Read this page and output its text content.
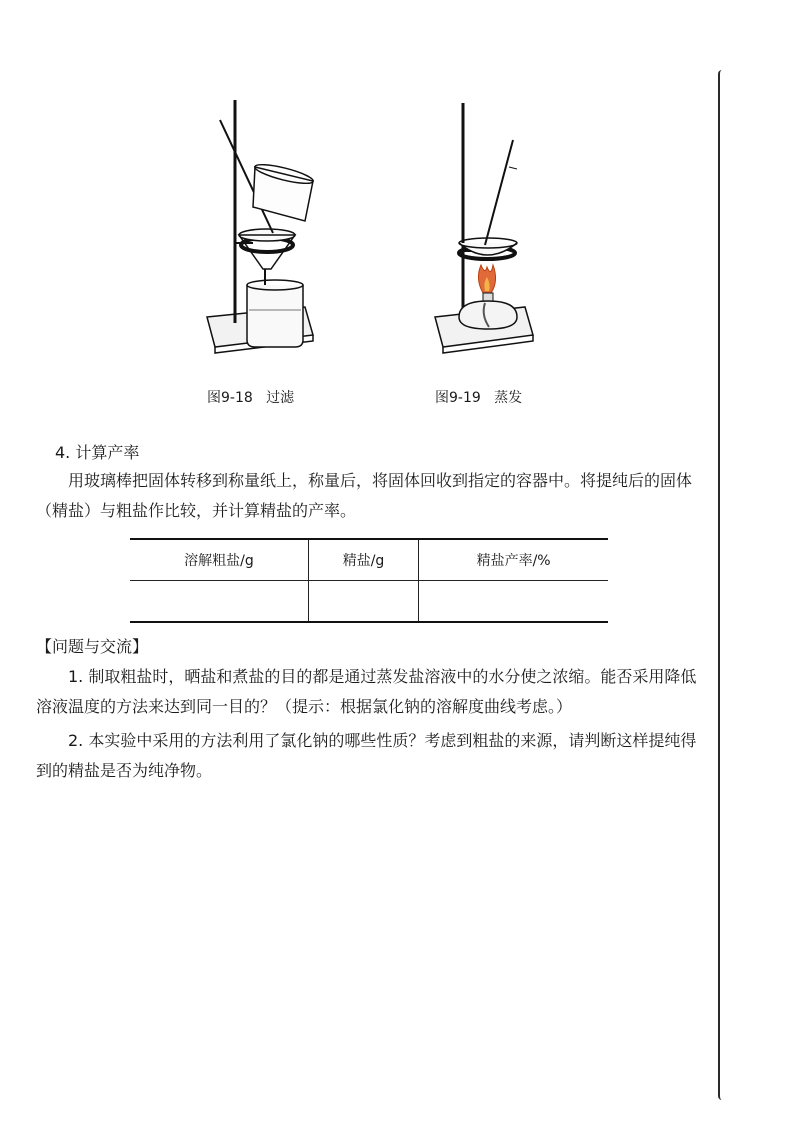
图9-18 过滤	图9-19 蒸发
4. 计算产率
用玻璃棒把固体转移到称量纸上，称量后，将固体回收到指定的容器中。将提纯后的固体（精盐）与粗盐作比较，并计算精盐的产率。
溶解粗盐/g	精盐/g	精盐产率/%

【问题与交流】
1. 制取粗盐时，晒盐和煮盐的目的都是通过蒸发盐溶液中的水分使之浓缩。能否采用降低溶液温度的方法来达到同一目的？（提示：根据氯化钠的溶解度曲线考虑。）
2. 本实验中采用的方法利用了氯化钠的哪些性质？考虑到粗盐的来源，请判断这样提纯得到的精盐是否为纯净物。
